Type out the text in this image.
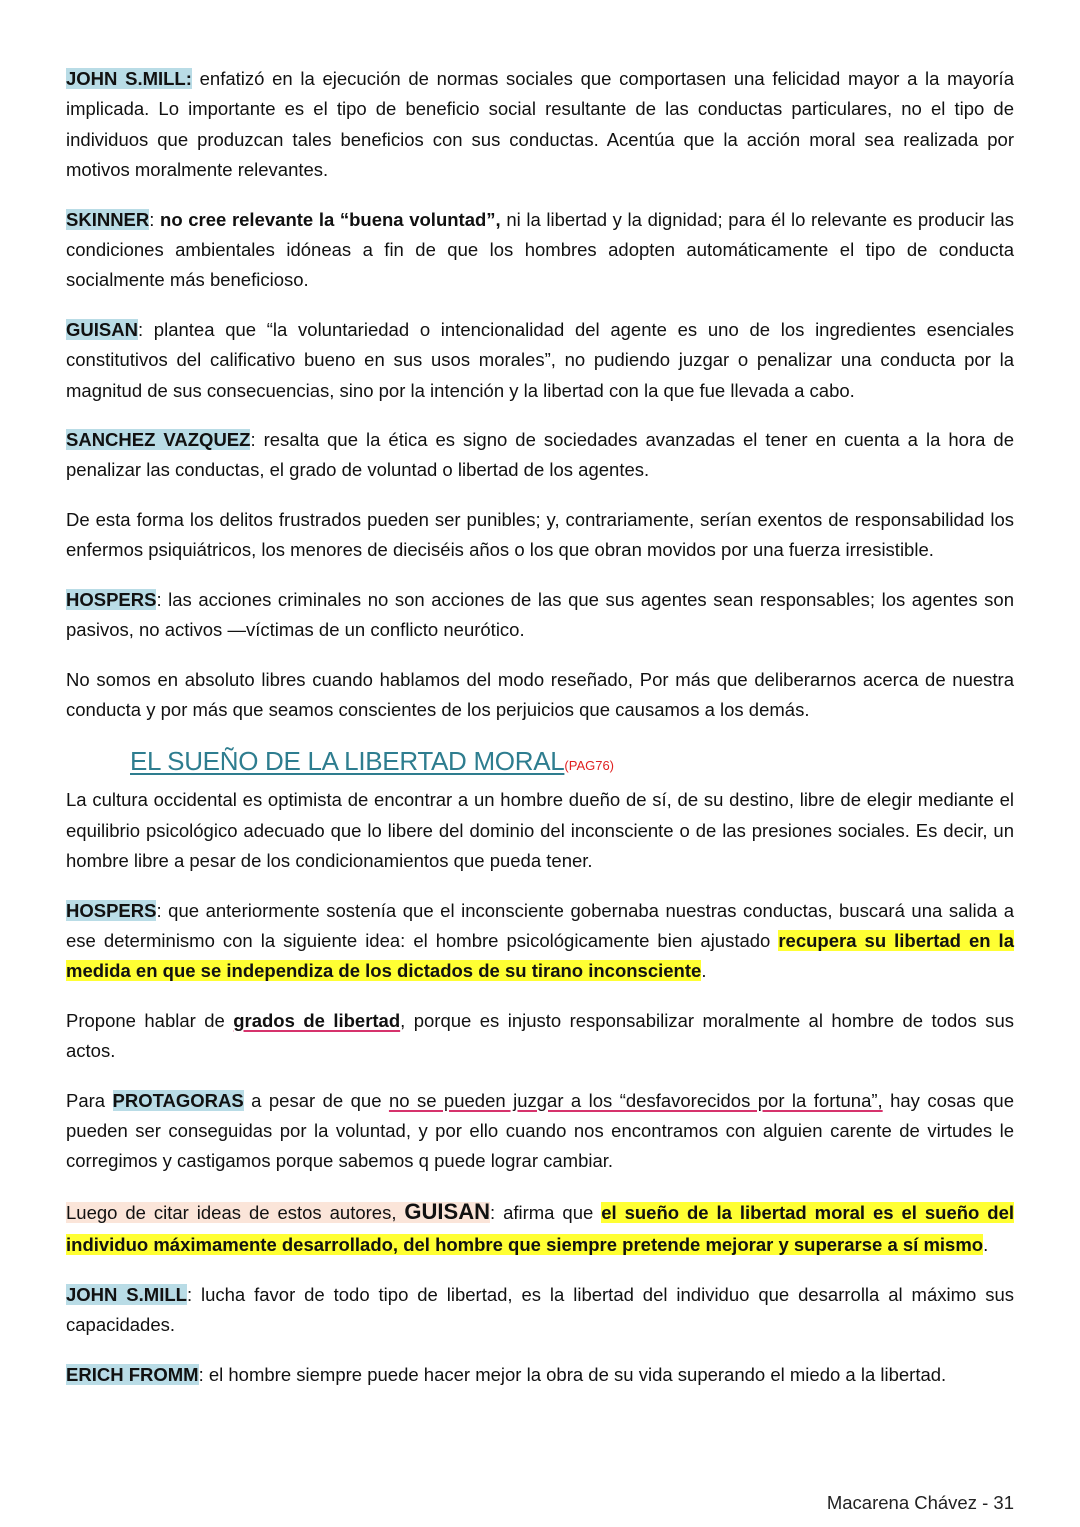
JOHN S.MILL: enfatizó en la ejecución de normas sociales que comportasen una felicidad mayor a la mayoría implicada. Lo importante es el tipo de beneficio social resultante de las conductas particulares, no el tipo de individuos que produzcan tales beneficios con sus conductas. Acentúa que la acción moral sea realizada por motivos moralmente relevantes.

SKINNER: no cree relevante la “buena voluntad”, ni la libertad y la dignidad; para él lo relevante es producir las condiciones ambientales idóneas a fin de que los hombres adopten automáticamente el tipo de conducta socialmente más beneficioso.

GUISAN: plantea que “la voluntariedad o intencionalidad del agente es uno de los ingredientes esenciales constitutivos del calificativo bueno en sus usos morales”, no pudiendo juzgar o penalizar una conducta por la magnitud de sus consecuencias, sino por la intención y la libertad con la que fue llevada a cabo.

SANCHEZ VAZQUEZ: resalta que la ética es signo de sociedades avanzadas el tener en cuenta a la hora de penalizar las conductas, el grado de voluntad o libertad de los agentes.

De esta forma los delitos frustrados pueden ser punibles; y, contrariamente, serían exentos de responsabilidad los enfermos psiquiátricos, los menores de dieciséis años o los que obran movidos por una fuerza irresistible.

HOSPERS: las acciones criminales no son acciones de las que sus agentes sean responsables; los agentes son pasivos, no activos —víctimas de un conflicto neurótico.

No somos en absoluto libres cuando hablamos del modo reseñado, Por más que deliberarnos acerca de nuestra conducta y por más que seamos conscientes de los perjuicios que causamos a los demás.

EL SUEÑO DE LA LIBERTAD MORAL(PAG76)

La cultura occidental es optimista de encontrar a un hombre dueño de sí, de su destino, libre de elegir mediante el equilibrio psicológico adecuado que lo libere del dominio del inconsciente o de las presiones sociales. Es decir, un hombre libre a pesar de los condicionamientos que pueda tener.

HOSPERS: que anteriormente sostenía que el inconsciente gobernaba nuestras conductas, buscará una salida a ese determinismo con la siguiente idea: el hombre psicológicamente bien ajustado recupera su libertad en la medida en que se independiza de los dictados de su tirano inconsciente.

Propone hablar de grados de libertad, porque es injusto responsabilizar moralmente al hombre de todos sus actos.

Para PROTAGORAS a pesar de que no se pueden juzgar a los “desfavorecidos por la fortuna”, hay cosas que pueden ser conseguidas por la voluntad, y por ello cuando nos encontramos con alguien carente de virtudes le corregimos y castigamos porque sabemos q puede lograr cambiar.

Luego de citar ideas de estos autores, GUISAN: afirma que el sueño de la libertad moral es el sueño del individuo máximamente desarrollado, del hombre que siempre pretende mejorar y superarse a sí mismo.

JOHN S.MILL: lucha favor de todo tipo de libertad, es la libertad del individuo que desarrolla al máximo sus capacidades.

ERICH FROMM: el hombre siempre puede hacer mejor la obra de su vida superando el miedo a la libertad.

Macarena Chávez - 31
